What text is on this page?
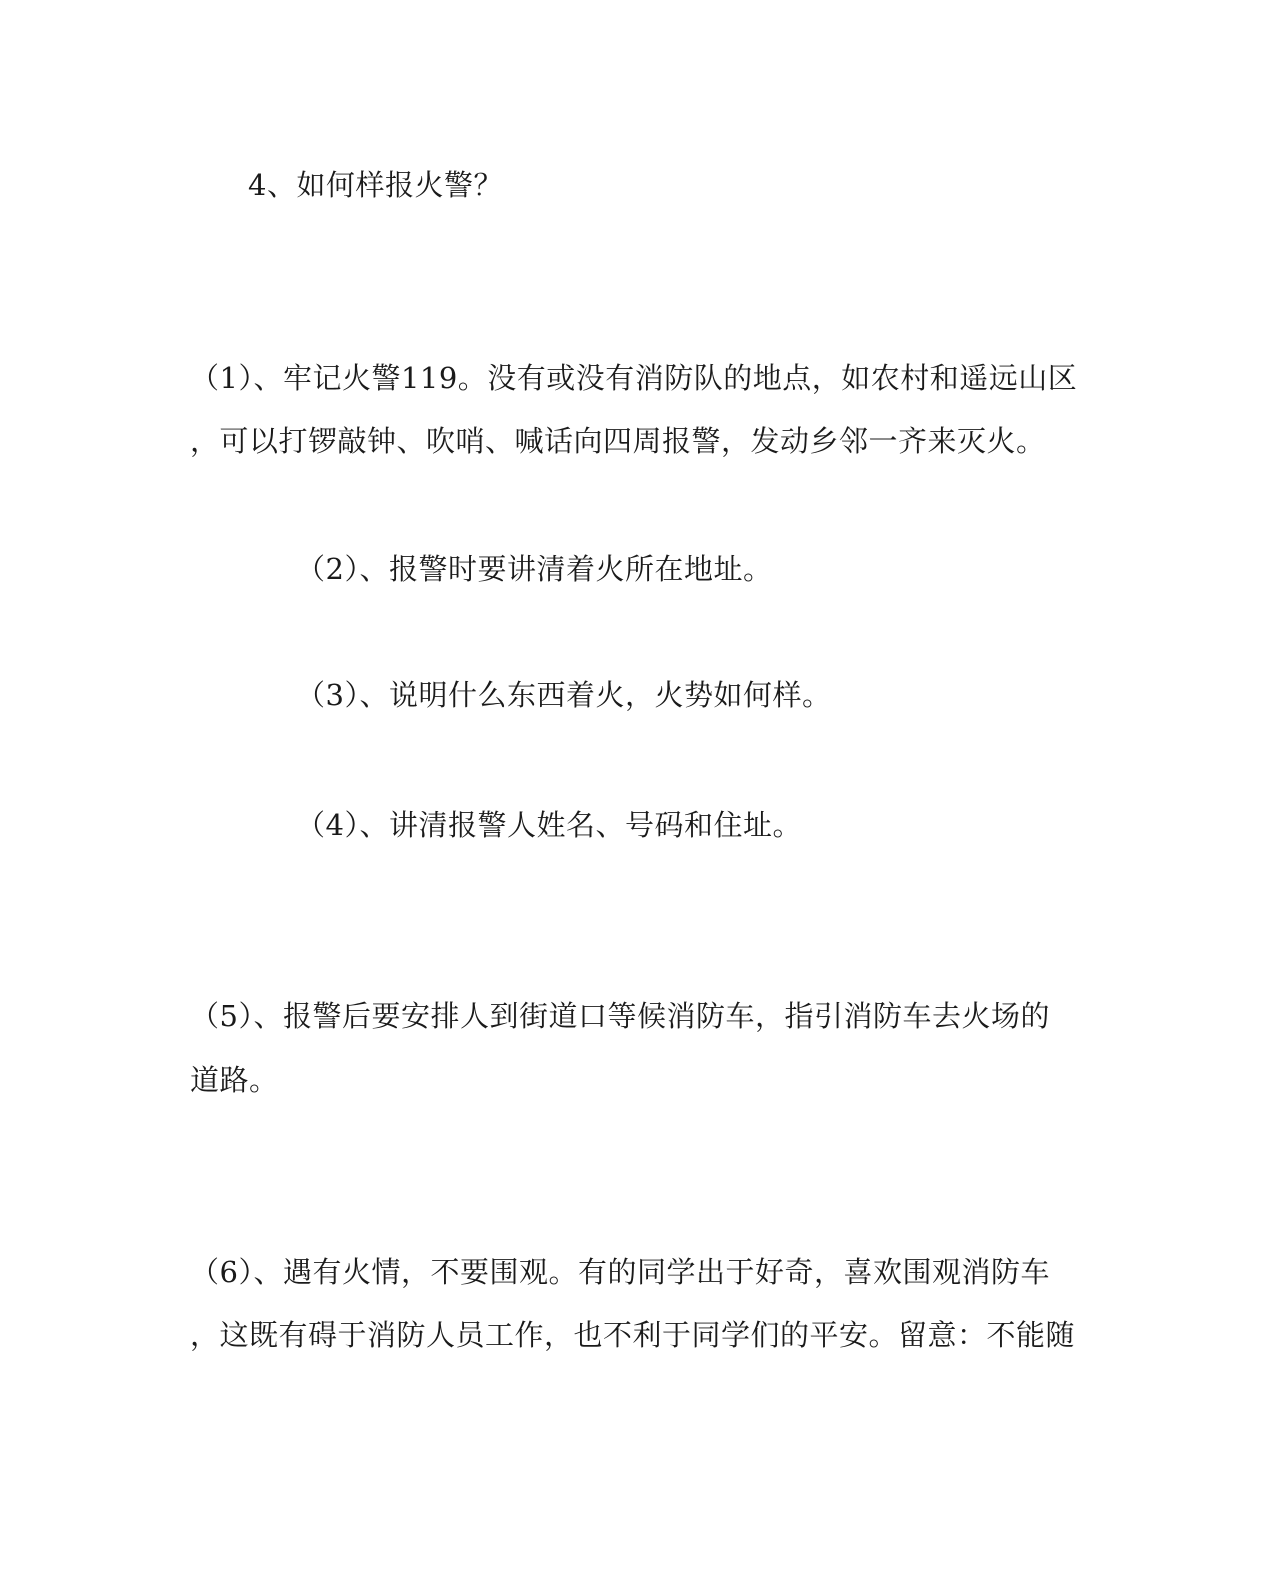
4、如何样报火警？
（1）、牢记火警119。没有或没有消防队的地点，如农村和遥远山区
，可以打锣敲钟、吹哨、喊话向四周报警，发动乡邻一齐来灭火。
（2）、报警时要讲清着火所在地址。
（3）、说明什么东西着火，火势如何样。
（4）、讲清报警人姓名、号码和住址。
（5）、报警后要安排人到街道口等候消防车，指引消防车去火场的
道路。
（6）、遇有火情，不要围观。有的同学出于好奇，喜欢围观消防车
，这既有碍于消防人员工作，也不利于同学们的平安。留意：不能随
